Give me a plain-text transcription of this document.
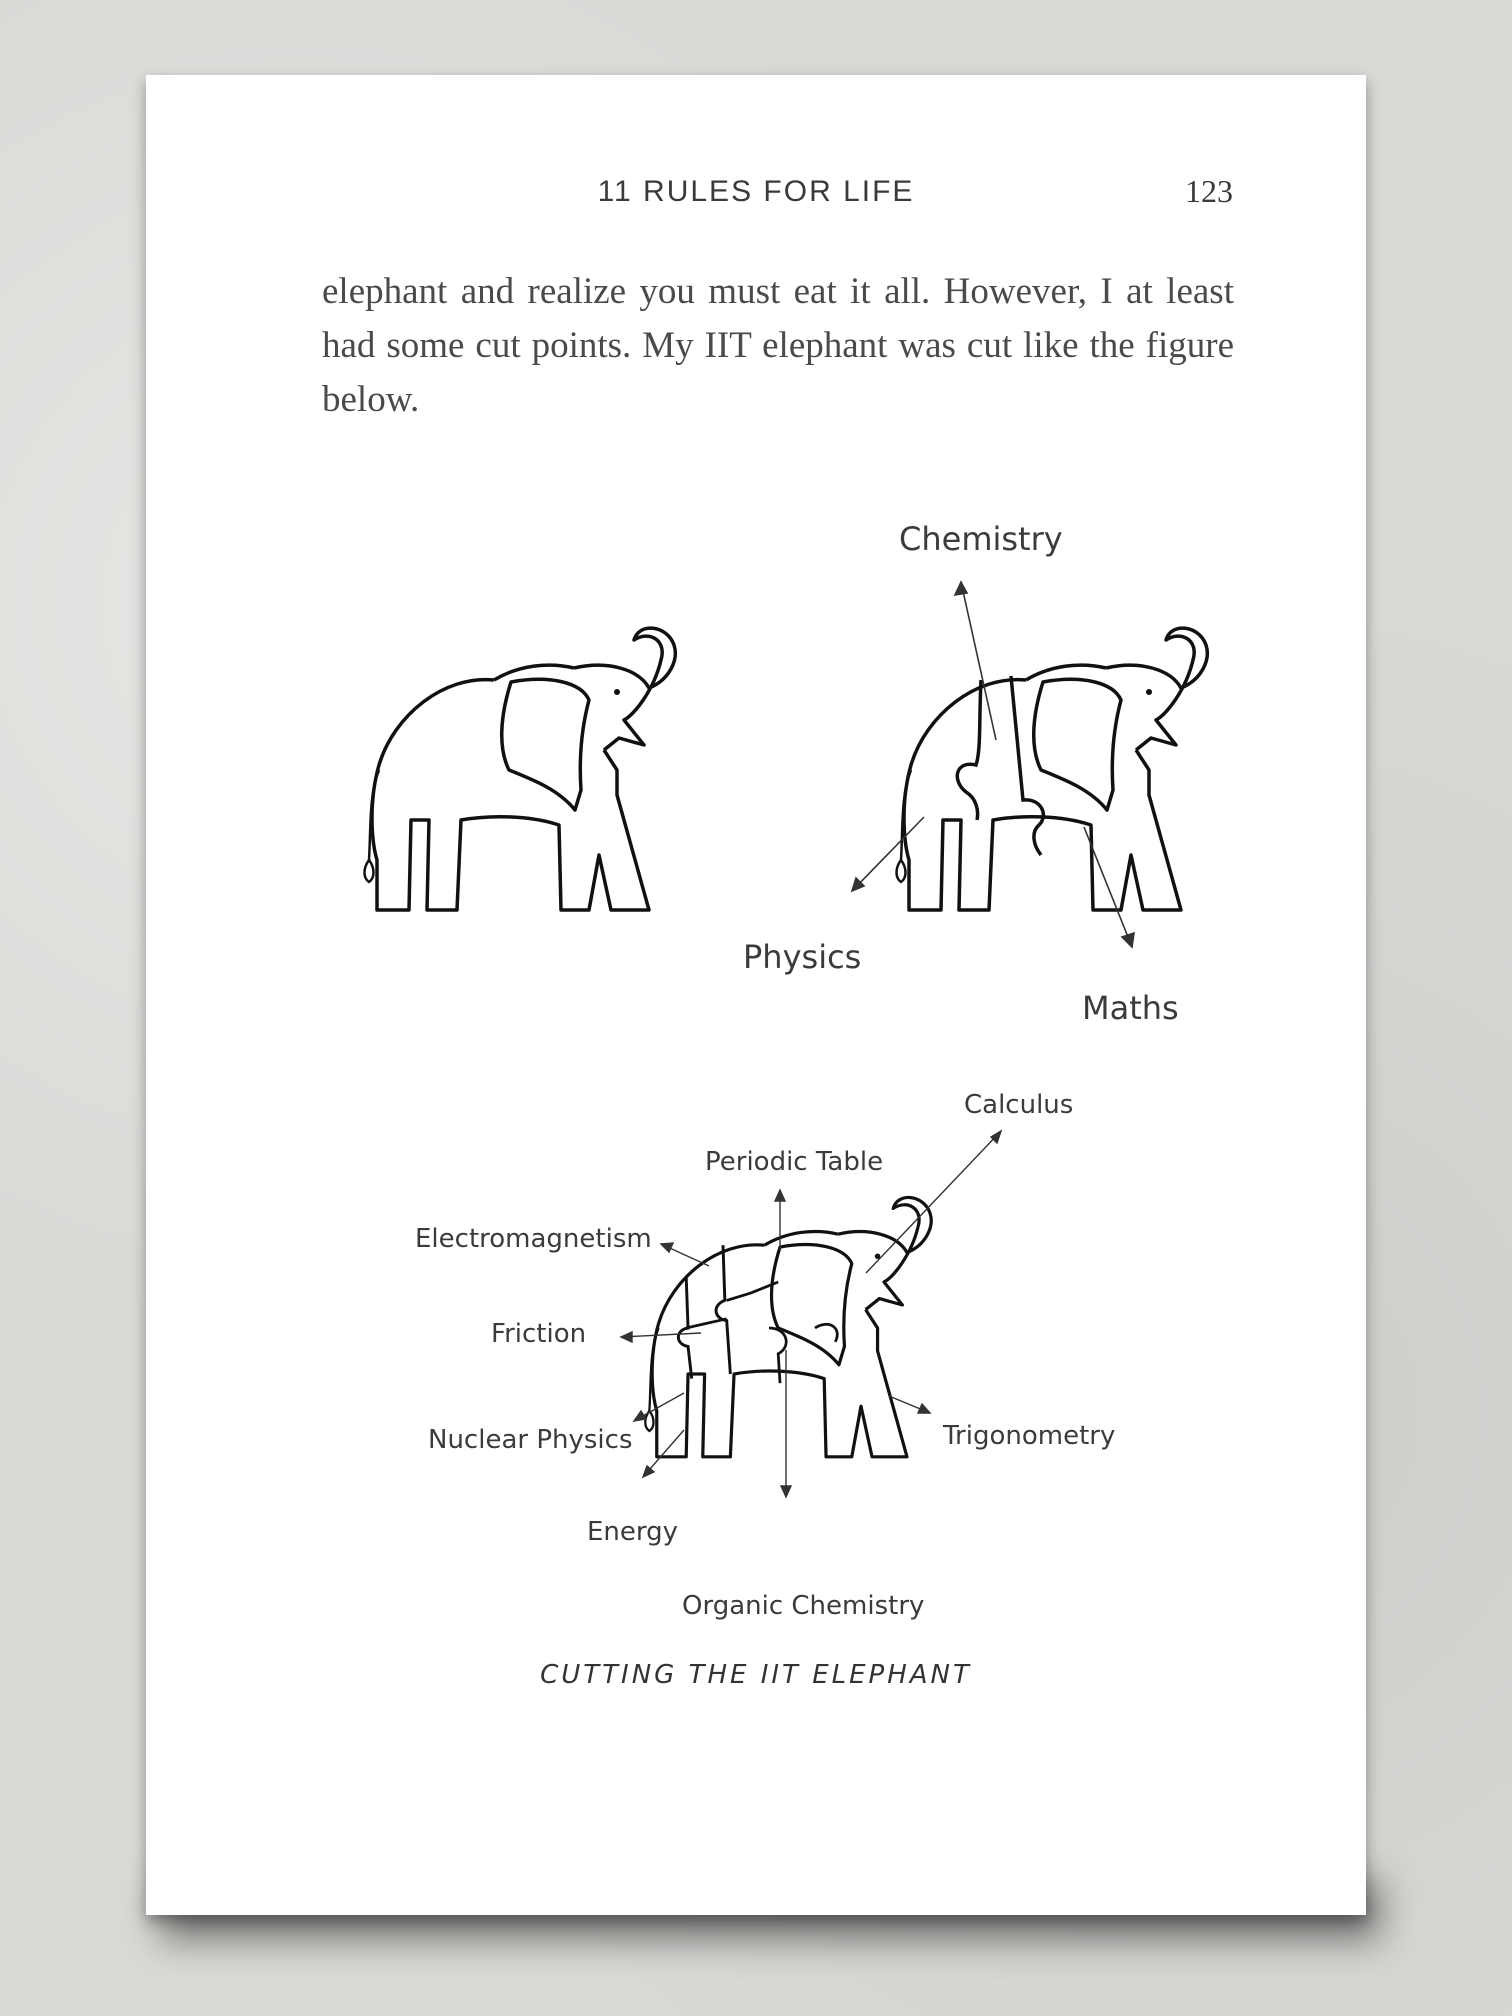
11 RULES FOR LIFE	123

elephant and realize you must eat it all. However, I at least had some cut points. My IIT elephant was cut like the figure below.

Chemistry
Physics
Maths
Calculus
Periodic Table
Electromagnetism
Friction
Nuclear Physics	Trigonometry
Energy
Organic Chemistry
CUTTING THE IIT ELEPHANT
